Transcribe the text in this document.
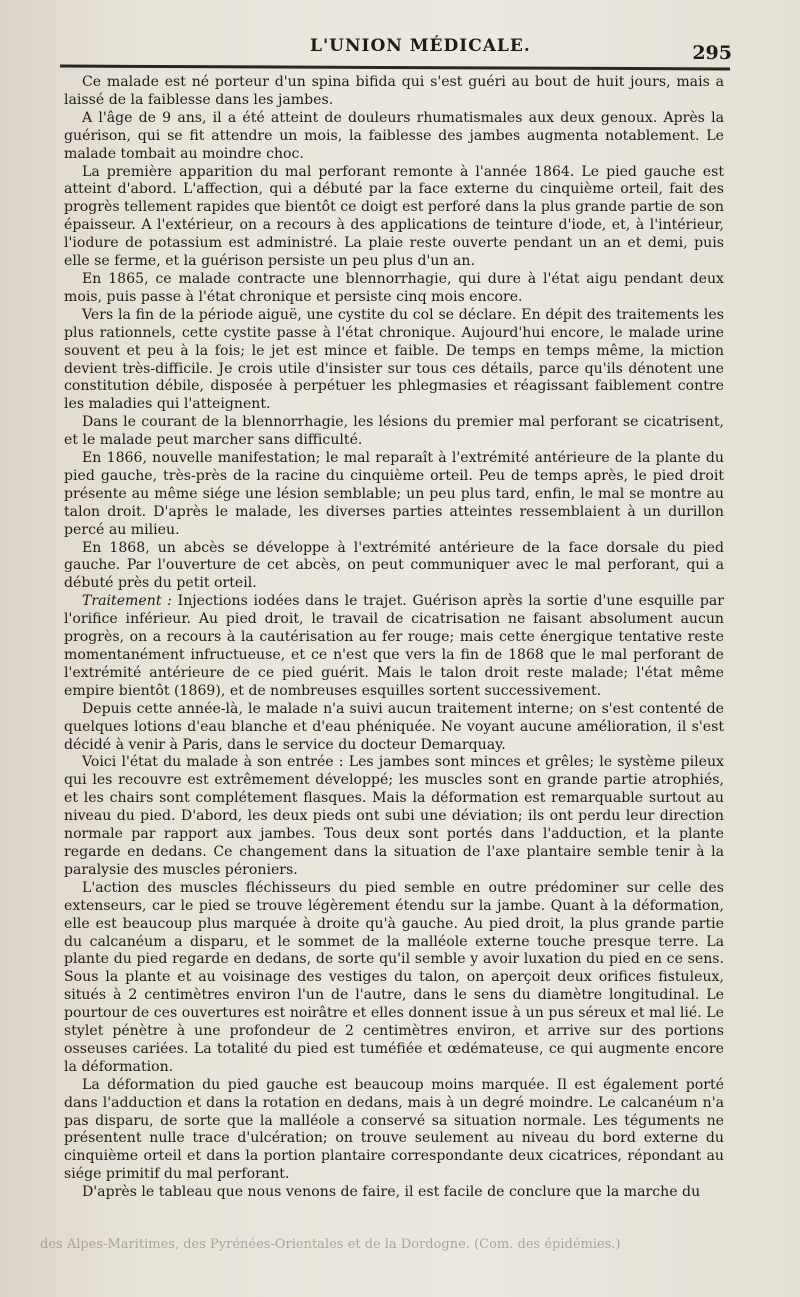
L'UNION MÉDICALE.	295

Ce malade est né porteur d'un spina bifida qui s'est guéri au bout de huit jours, mais a laissé de la faiblesse dans les jambes.

A l'âge de 9 ans, il a été atteint de douleurs rhumatismales aux deux genoux. Après la guérison, qui se fit attendre un mois, la faiblesse des jambes augmenta notablement. Le malade tombait au moindre choc.

La première apparition du mal perforant remonte à l'année 1864. Le pied gauche est atteint d'abord. L'affection, qui a débuté par la face externe du cinquième orteil, fait des progrès tellement rapides que bientôt ce doigt est perforé dans la plus grande partie de son épaisseur. A l'extérieur, on a recours à des applications de teinture d'iode, et, à l'intérieur, l'iodure de potassium est administré. La plaie reste ouverte pendant un an et demi, puis elle se ferme, et la guérison persiste un peu plus d'un an.

En 1865, ce malade contracte une blennorrhagie, qui dure à l'état aigu pendant deux mois, puis passe à l'état chronique et persiste cinq mois encore.

Vers la fin de la période aiguë, une cystite du col se déclare. En dépit des traitements les plus rationnels, cette cystite passe à l'état chronique. Aujourd'hui encore, le malade urine souvent et peu à la fois; le jet est mince et faible. De temps en temps même, la miction devient très-difficile. Je crois utile d'insister sur tous ces détails, parce qu'ils dénotent une constitution débile, disposée à perpétuer les phlegmasies et réagissant faiblement contre les maladies qui l'atteignent.

Dans le courant de la blennorrhagie, les lésions du premier mal perforant se cicatrisent, et le malade peut marcher sans difficulté.

En 1866, nouvelle manifestation; le mal reparaît à l'extrémité antérieure de la plante du pied gauche, très-près de la racine du cinquième orteil. Peu de temps après, le pied droit présente au même siége une lésion semblable; un peu plus tard, enfin, le mal se montre au talon droit. D'après le malade, les diverses parties atteintes ressemblaient à un durillon percé au milieu.

En 1868, un abcès se développe à l'extrémité antérieure de la face dorsale du pied gauche. Par l'ouverture de cet abcès, on peut communiquer avec le mal perforant, qui a débuté près du petit orteil.

Traitement : Injections iodées dans le trajet. Guérison après la sortie d'une esquille par l'orifice inférieur. Au pied droit, le travail de cicatrisation ne faisant absolument aucun progrès, on a recours à la cautérisation au fer rouge; mais cette énergique tentative reste momentanément infructueuse, et ce n'est que vers la fin de 1868 que le mal perforant de l'extrémité antérieure de ce pied guérit. Mais le talon droit reste malade; l'état même empire bientôt (1869), et de nombreuses esquilles sortent successivement.

Depuis cette année-là, le malade n'a suivi aucun traitement interne; on s'est contenté de quelques lotions d'eau blanche et d'eau phéniquée. Ne voyant aucune amélioration, il s'est décidé à venir à Paris, dans le service du docteur Demarquay.

Voici l'état du malade à son entrée : Les jambes sont minces et grêles; le système pileux qui les recouvre est extrêmement développé; les muscles sont en grande partie atrophiés, et les chairs sont complétement flasques. Mais la déformation est remarquable surtout au niveau du pied. D'abord, les deux pieds ont subi une déviation; ils ont perdu leur direction normale par rapport aux jambes. Tous deux sont portés dans l'adduction, et la plante regarde en dedans. Ce changement dans la situation de l'axe plantaire semble tenir à la paralysie des muscles péroniers.

L'action des muscles fléchisseurs du pied semble en outre prédominer sur celle des extenseurs, car le pied se trouve légèrement étendu sur la jambe. Quant à la déformation, elle est beaucoup plus marquée à droite qu'à gauche. Au pied droit, la plus grande partie du calcanéum a disparu, et le sommet de la malléole externe touche presque terre. La plante du pied regarde en dedans, de sorte qu'il semble y avoir luxation du pied en ce sens. Sous la plante et au voisinage des vestiges du talon, on aperçoit deux orifices fistuleux, situés à 2 centimètres environ l'un de l'autre, dans le sens du diamètre longitudinal. Le pourtour de ces ouvertures est noirâtre et elles donnent issue à un pus séreux et mal lié. Le stylet pénètre à une profondeur de 2 centimètres environ, et arrive sur des portions osseuses cariées. La totalité du pied est tuméfiée et œdémateuse, ce qui augmente encore la déformation.

La déformation du pied gauche est beaucoup moins marquée. Il est également porté dans l'adduction et dans la rotation en dedans, mais à un degré moindre. Le calcanéum n'a pas disparu, de sorte que la malléole a conservé sa situation normale. Les téguments ne présentent nulle trace d'ulcération; on trouve seulement au niveau du bord externe du cinquième orteil et dans la portion plantaire correspondante deux cicatrices, répondant au siége primitif du mal perforant.

D'après le tableau que nous venons de faire, il est facile de conclure que la marche du

des Alpes-Maritimes, des Pyrénées-Orientales et de la Dordogne. (Com. des épidémies.)
